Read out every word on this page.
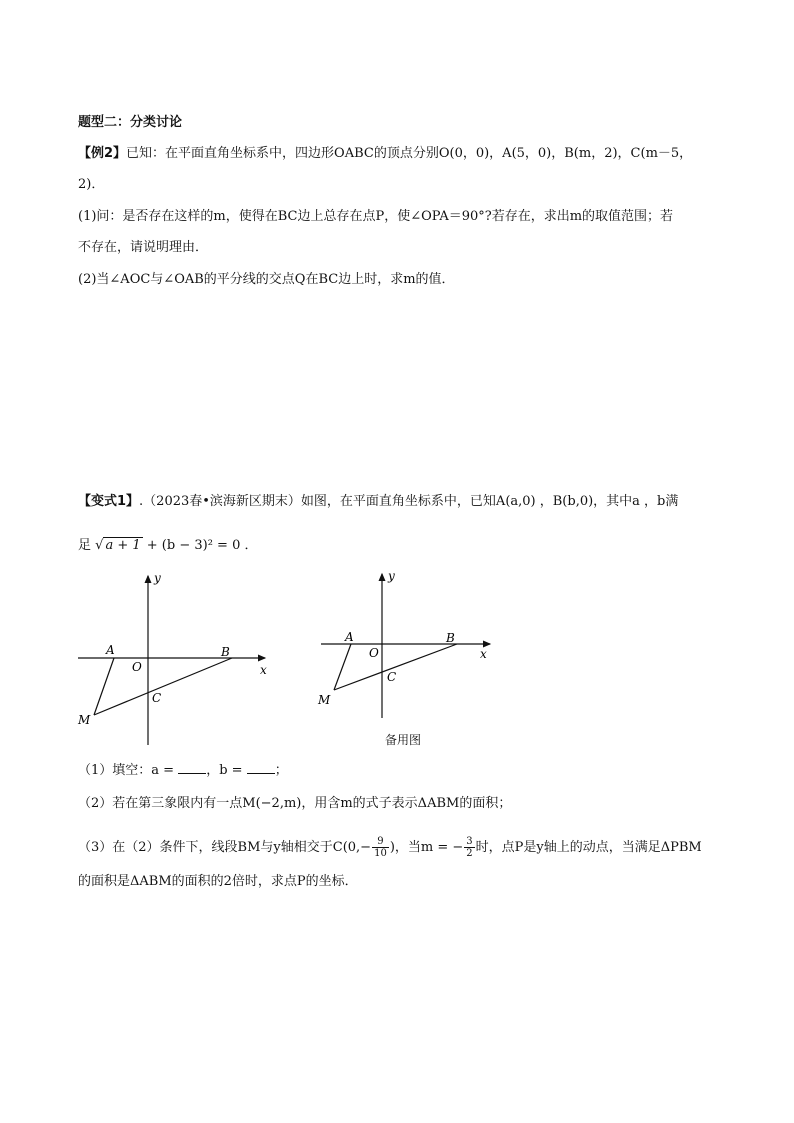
题型二：分类讨论
【例2】已知：在平面直角坐标系中，四边形OABC的顶点分别O(0，0)，A(5，0)，B(m，2)，C(m－5，
2)．
(1)问：是否存在这样的m，使得在BC边上总存在点P，使∠OPA＝90°?若存在，求出m的取值范围；若
不存在，请说明理由．
(2)当∠AOC与∠OAB的平分线的交点Q在BC边上时，求m的值．
【变式1】.（2023春•滨海新区期末）如图，在平面直角坐标系中，已知A(a,0) ，B(b,0)，其中a ，b满
足 √ a + 1 + (b − 3)² = 0 ．
y
x
A
O
B
C
M
y
x
A
O
B
C
M
备用图
（1）填空：a = ，b = ；
（2）若在第三象限内有一点M(−2,m)，用含m的式子表示ΔABM的面积；
（3）在（2）条件下，线段BM与y轴相交于$C(0,- \frac{9}{10}$ )，当m = − $\frac{3}{2}$ 时，点P是y轴上的动点，当满足ΔPBM
的面积是ΔABM的面积的2倍时，求点P的坐标．
